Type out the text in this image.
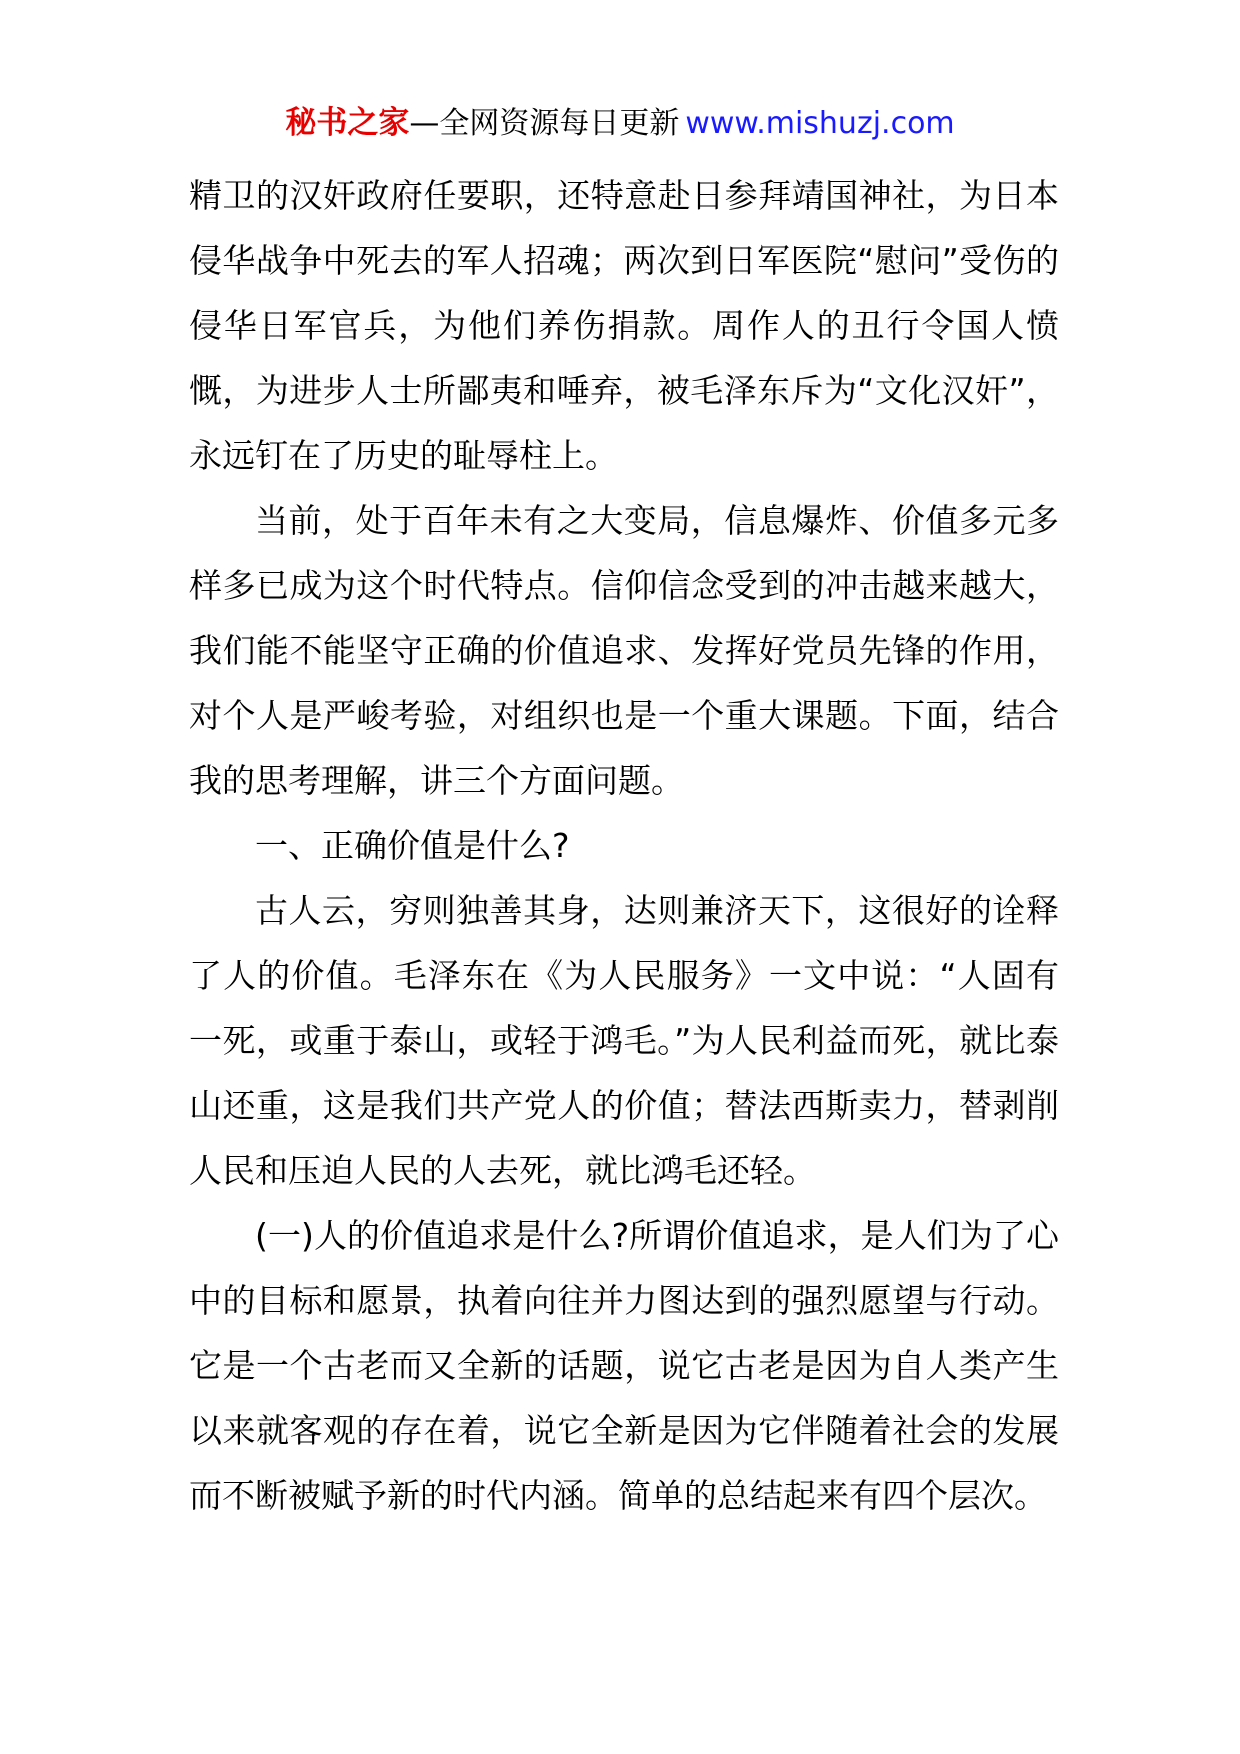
秘书之家—全网资源每日更新 www.mishuzj.com

精卫的汉奸政府任要职，还特意赴日参拜靖国神社，为日本侵华战争中死去的军人招魂；两次到日军医院“慰问”受伤的侵华日军官兵，为他们养伤捐款。周作人的丑行令国人愤慨，为进步人士所鄙夷和唾弃，被毛泽东斥为“文化汉奸”，永远钉在了历史的耻辱柱上。

当前，处于百年未有之大变局，信息爆炸、价值多元多样多已成为这个时代特点。信仰信念受到的冲击越来越大，我们能不能坚守正确的价值追求、发挥好党员先锋的作用，对个人是严峻考验，对组织也是一个重大课题。下面，结合我的思考理解，讲三个方面问题。

一、正确价值是什么?

古人云，穷则独善其身，达则兼济天下，这很好的诠释了人的价值。毛泽东在《为人民服务》一文中说：“人固有一死，或重于泰山，或轻于鸿毛。”为人民利益而死，就比泰山还重，这是我们共产党人的价值；替法西斯卖力，替剥削人民和压迫人民的人去死，就比鸿毛还轻。

(一)人的价值追求是什么?所谓价值追求，是人们为了心中的目标和愿景，执着向往并力图达到的强烈愿望与行动。它是一个古老而又全新的话题，说它古老是因为自人类产生以来就客观的存在着，说它全新是因为它伴随着社会的发展而不断被赋予新的时代内涵。简单的总结起来有四个层次。
